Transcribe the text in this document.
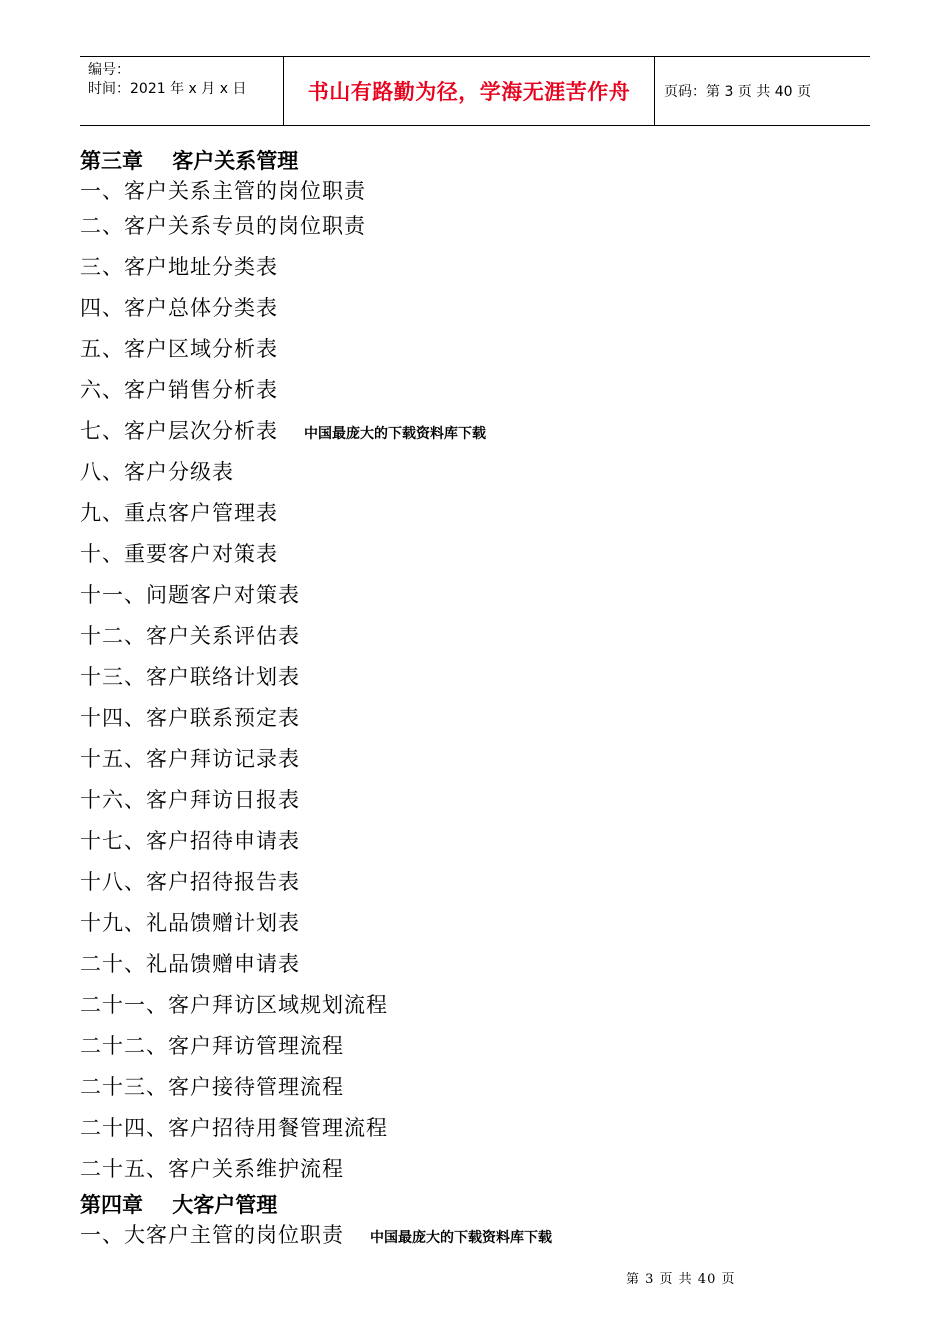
编号：
时间：2021 年 x 月 x 日	书山有路勤为径，学海无涯苦作舟	页码：第 3 页 共 40 页
第三章    客户关系管理
一、客户关系主管的岗位职责
二、客户关系专员的岗位职责
三、客户地址分类表
四、客户总体分类表
五、客户区域分析表
六、客户销售分析表
七、客户层次分析表 中国最庞大的下载资料库下载
八、客户分级表
九、重点客户管理表
十、重要客户对策表
十一、问题客户对策表
十二、客户关系评估表
十三、客户联络计划表
十四、客户联系预定表
十五、客户拜访记录表
十六、客户拜访日报表
十七、客户招待申请表
十八、客户招待报告表
十九、礼品馈赠计划表
二十、礼品馈赠申请表
二十一、客户拜访区域规划流程
二十二、客户拜访管理流程
二十三、客户接待管理流程
二十四、客户招待用餐管理流程
二十五、客户关系维护流程
第四章    大客户管理
一、大客户主管的岗位职责 中国最庞大的下载资料库下载
第 3 页 共 40 页
